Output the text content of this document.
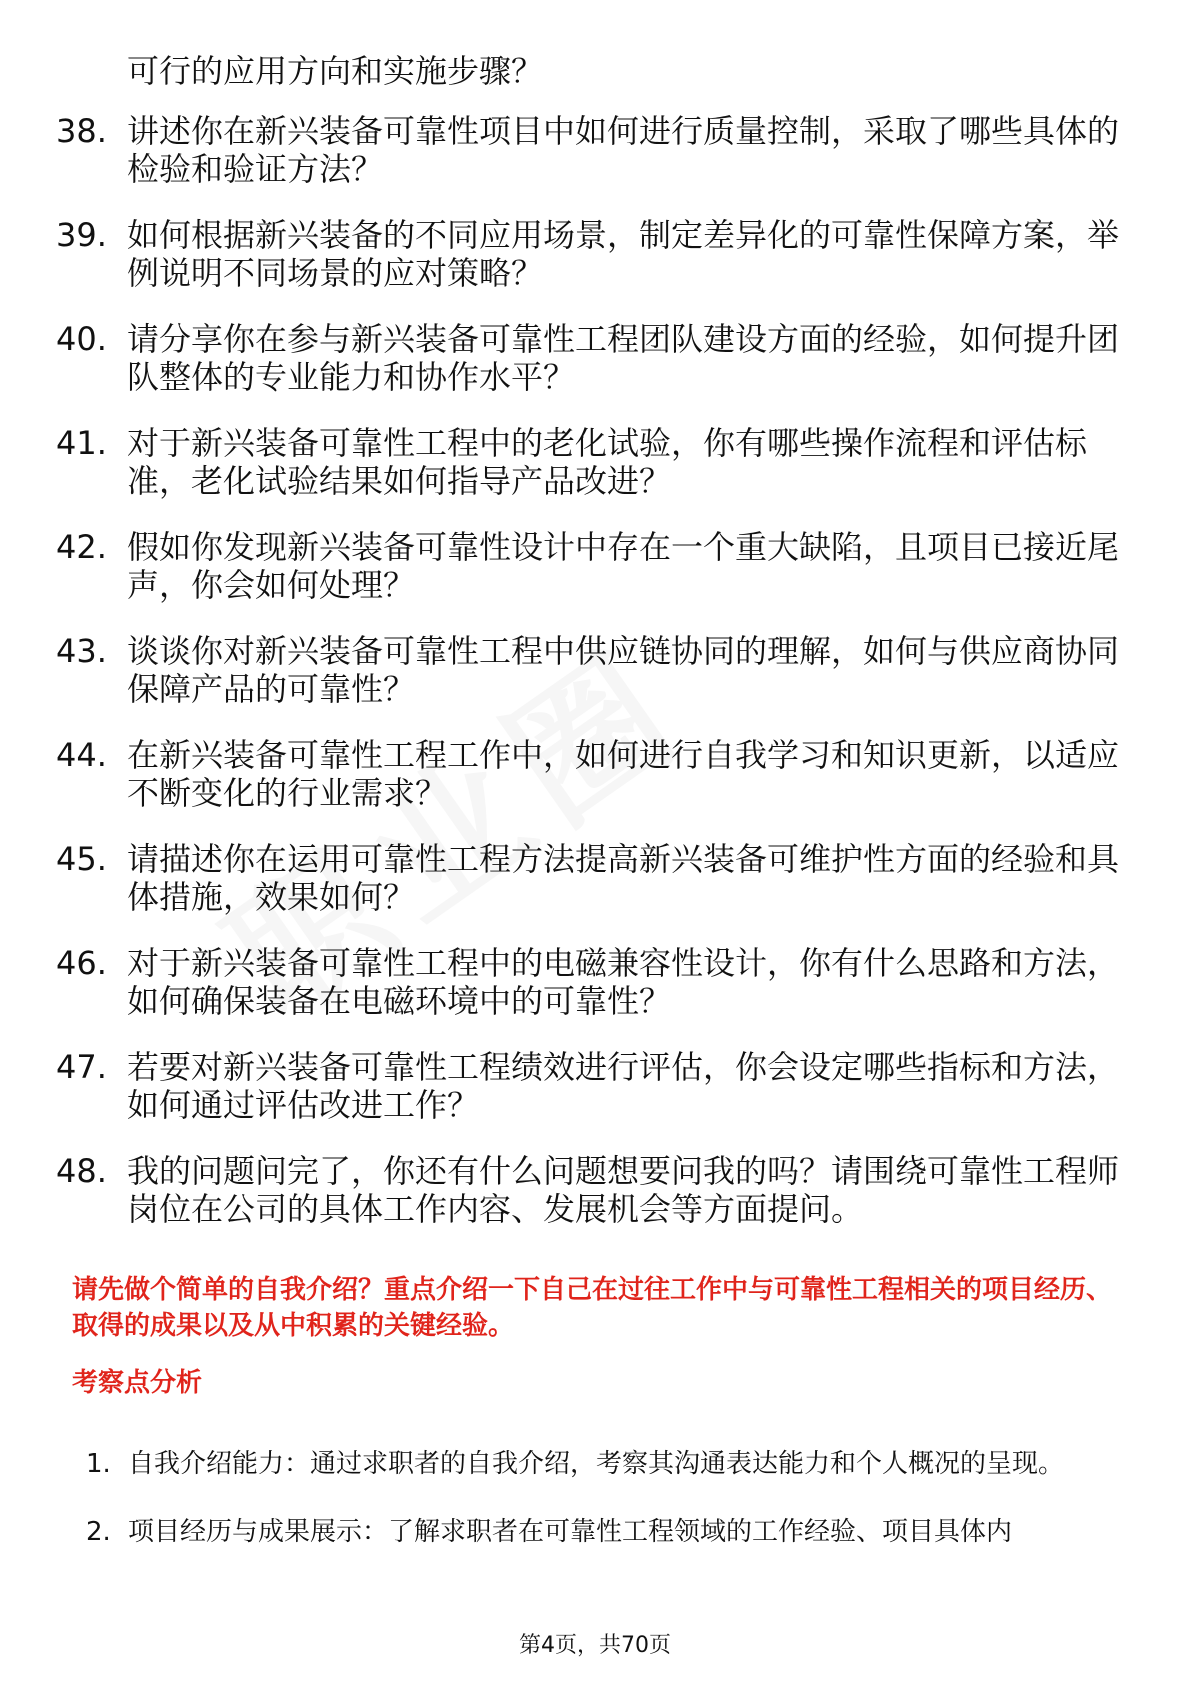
可行的应用方向和实施步骤？
38. 讲述你在新兴装备可靠性项目中如何进行质量控制，采取了哪些具体的检验和验证方法？
39. 如何根据新兴装备的不同应用场景，制定差异化的可靠性保障方案，举例说明不同场景的应对策略？
40. 请分享你在参与新兴装备可靠性工程团队建设方面的经验，如何提升团队整体的专业能力和协作水平？
41. 对于新兴装备可靠性工程中的老化试验，你有哪些操作流程和评估标准，老化试验结果如何指导产品改进？
42. 假如你发现新兴装备可靠性设计中存在一个重大缺陷，且项目已接近尾声，你会如何处理？
43. 谈谈你对新兴装备可靠性工程中供应链协同的理解，如何与供应商协同保障产品的可靠性？
44. 在新兴装备可靠性工程工作中，如何进行自我学习和知识更新，以适应不断变化的行业需求？
45. 请描述你在运用可靠性工程方法提高新兴装备可维护性方面的经验和具体措施，效果如何？
46. 对于新兴装备可靠性工程中的电磁兼容性设计，你有什么思路和方法，如何确保装备在电磁环境中的可靠性？
47. 若要对新兴装备可靠性工程绩效进行评估，你会设定哪些指标和方法，如何通过评估改进工作？
48. 我的问题问完了，你还有什么问题想要问我的吗？请围绕可靠性工程师岗位在公司的具体工作内容、发展机会等方面提问。
请先做个简单的自我介绍？重点介绍一下自己在过往工作中与可靠性工程相关的项目经历、取得的成果以及从中积累的关键经验。
考察点分析
1. 自我介绍能力：通过求职者的自我介绍，考察其沟通表达能力和个人概况的呈现。
2. 项目经历与成果展示：了解求职者在可靠性工程领域的工作经验、项目具体内
第4页，共70页
